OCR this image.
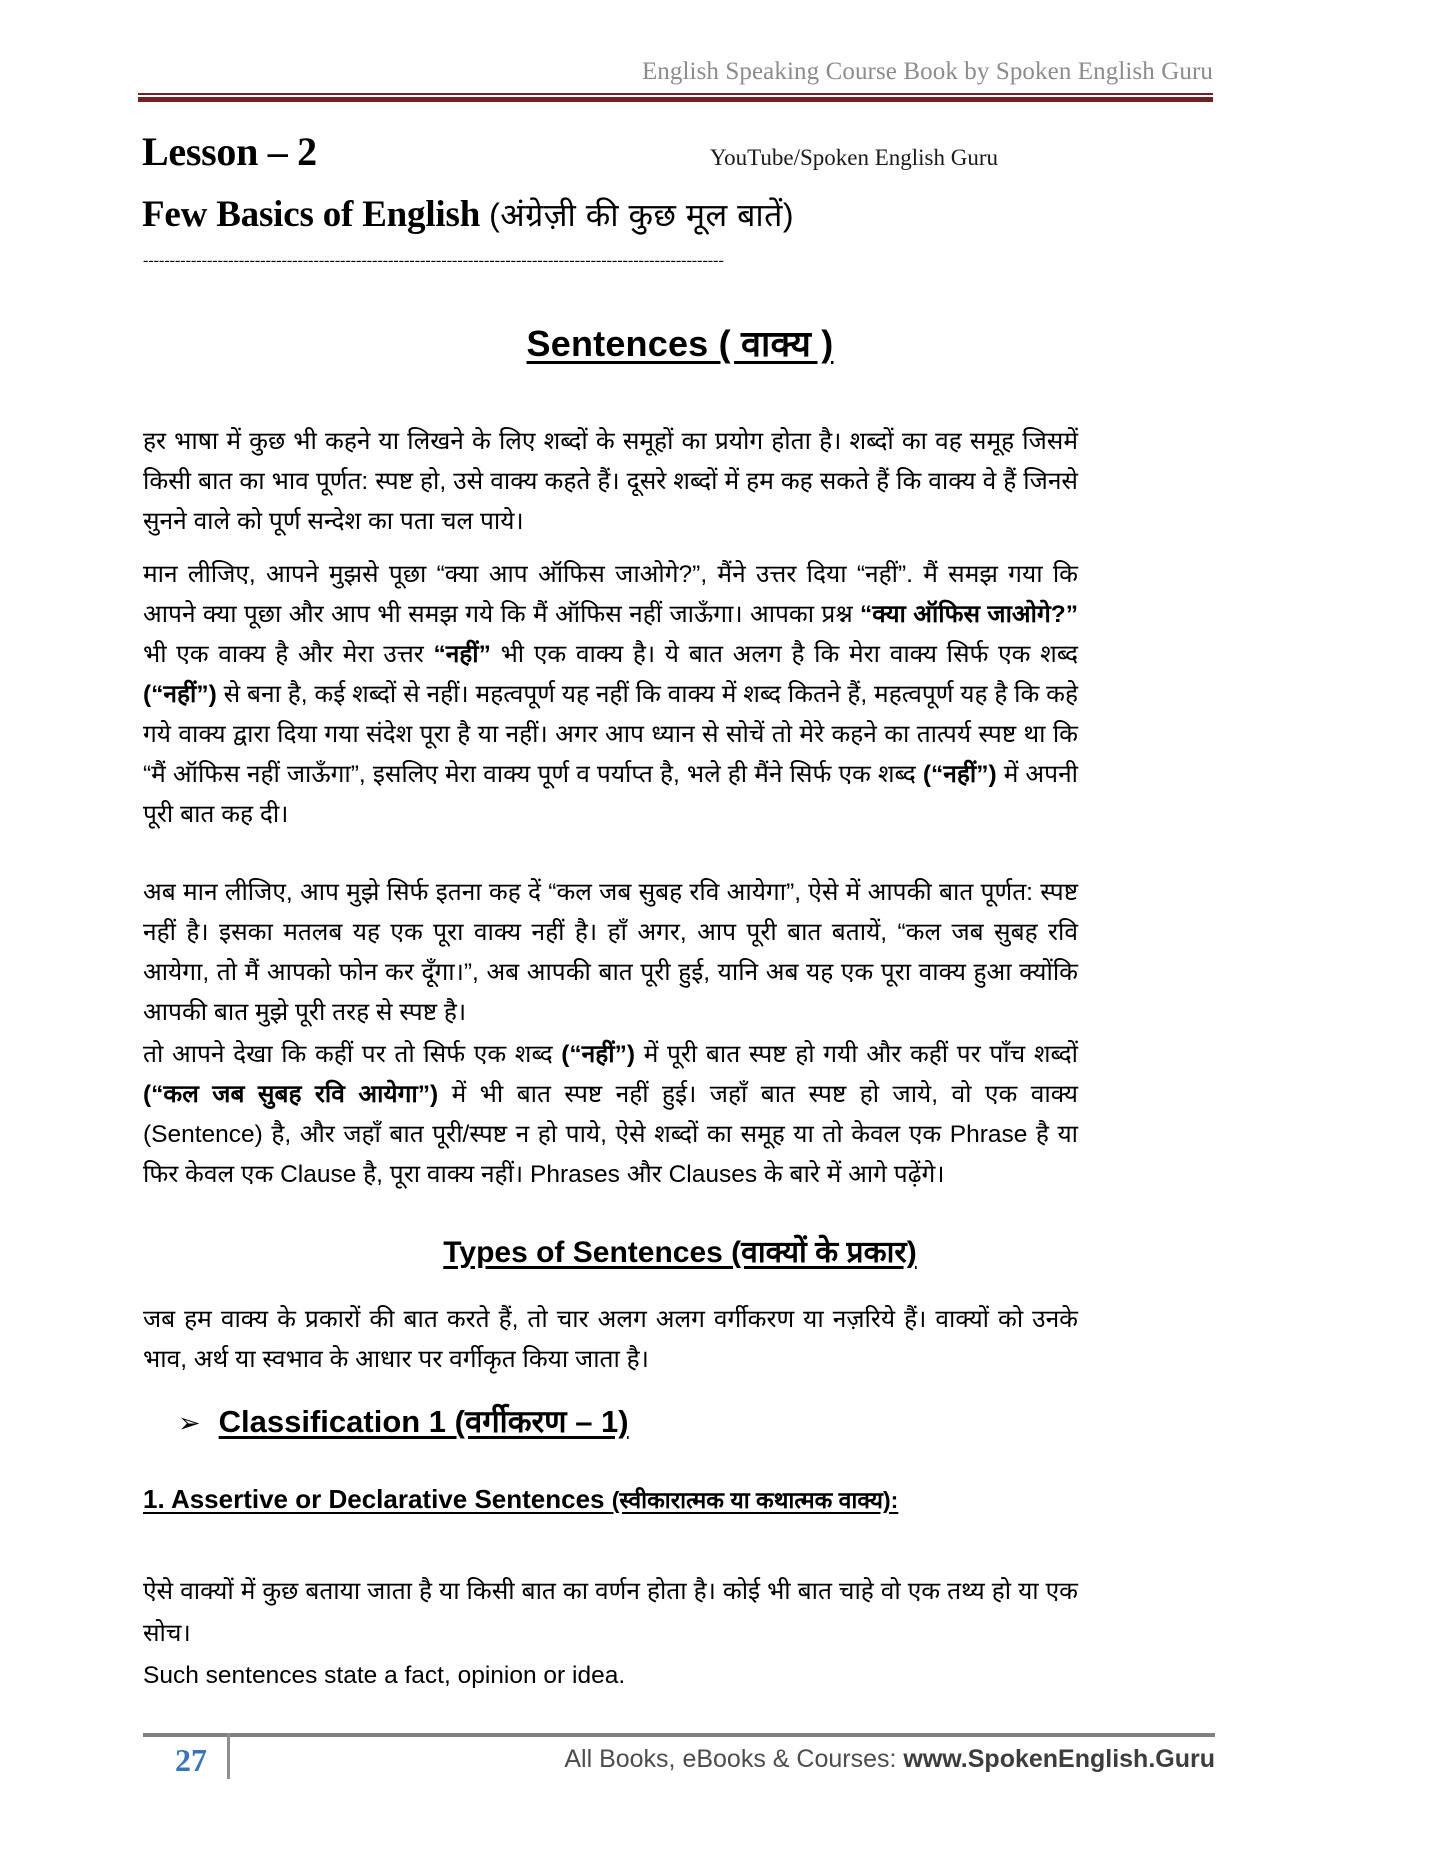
English Speaking Course Book by Spoken English Guru
Lesson – 2	YouTube/Spoken English Guru
Few Basics of English (अंग्रेज़ी की कुछ मूल बातें)
-------------------------------------------------------------------------------------------------------------
Sentences ( वाक्य )
हर भाषा में कुछ भी कहने या लिखने के लिए शब्दों के समूहों का प्रयोग होता है। शब्दों का वह समूह जिसमें किसी बात का भाव पूर्णत: स्पष्ट हो, उसे वाक्य कहते हैं। दूसरे शब्दों में हम कह सकते हैं कि वाक्य वे हैं जिनसे सुनने वाले को पूर्ण सन्देश का पता चल पाये।
मान लीजिए, आपने मुझसे पूछा “क्या आप ऑफिस जाओगे?”, मैंने उत्तर दिया “नहीं”. मैं समझ गया कि आपने क्या पूछा और आप भी समझ गये कि मैं ऑफिस नहीं जाऊँगा। आपका प्रश्न “क्या ऑफिस जाओगे?” भी एक वाक्य है और मेरा उत्तर “नहीं” भी एक वाक्य है। ये बात अलग है कि मेरा वाक्य सिर्फ एक शब्द (“नहीं”) से बना है, कई शब्दों से नहीं। महत्वपूर्ण यह नहीं कि वाक्य में शब्द कितने हैं, महत्वपूर्ण यह है कि कहे गये वाक्य द्वारा दिया गया संदेश पूरा है या नहीं। अगर आप ध्यान से सोचें तो मेरे कहने का तात्पर्य स्पष्ट था कि “मैं ऑफिस नहीं जाऊँगा”, इसलिए मेरा वाक्य पूर्ण व पर्याप्त है, भले ही मैंने सिर्फ एक शब्द (“नहीं”) में अपनी पूरी बात कह दी।
अब मान लीजिए, आप मुझे सिर्फ इतना कह दें “कल जब सुबह रवि आयेगा”, ऐसे में आपकी बात पूर्णत: स्पष्ट नहीं है। इसका मतलब यह एक पूरा वाक्य नहीं है। हाँ अगर, आप पूरी बात बतायें, “कल जब सुबह रवि आयेगा, तो मैं आपको फोन कर दूँगा।”, अब आपकी बात पूरी हुई, यानि अब यह एक पूरा वाक्य हुआ क्योंकि आपकी बात मुझे पूरी तरह से स्पष्ट है।
तो आपने देखा कि कहीं पर तो सिर्फ एक शब्द (“नहीं”) में पूरी बात स्पष्ट हो गयी और कहीं पर पाँच शब्दों (“कल जब सुबह रवि आयेगा”) में भी बात स्पष्ट नहीं हुई। जहाँ बात स्पष्ट हो जाये, वो एक वाक्य (Sentence) है, और जहाँ बात पूरी/स्पष्ट न हो पाये, ऐसे शब्दों का समूह या तो केवल एक Phrase है या फिर केवल एक Clause है, पूरा वाक्य नहीं। Phrases और Clauses के बारे में आगे पढ़ेंगे।
Types of Sentences (वाक्यों के प्रकार)
जब हम वाक्य के प्रकारों की बात करते हैं, तो चार अलग अलग वर्गीकरण या नज़रिये हैं। वाक्यों को उनके भाव, अर्थ या स्वभाव के आधार पर वर्गीकृत किया जाता है।
➢ Classification 1 (वर्गीकरण – 1)
1. Assertive or Declarative Sentences (स्वीकारात्मक या कथात्मक वाक्य):
ऐसे वाक्यों में कुछ बताया जाता है या किसी बात का वर्णन होता है। कोई भी बात चाहे वो एक तथ्य हो या एक सोच।
Such sentences state a fact, opinion or idea.
27	All Books, eBooks & Courses: www.SpokenEnglish.Guru
